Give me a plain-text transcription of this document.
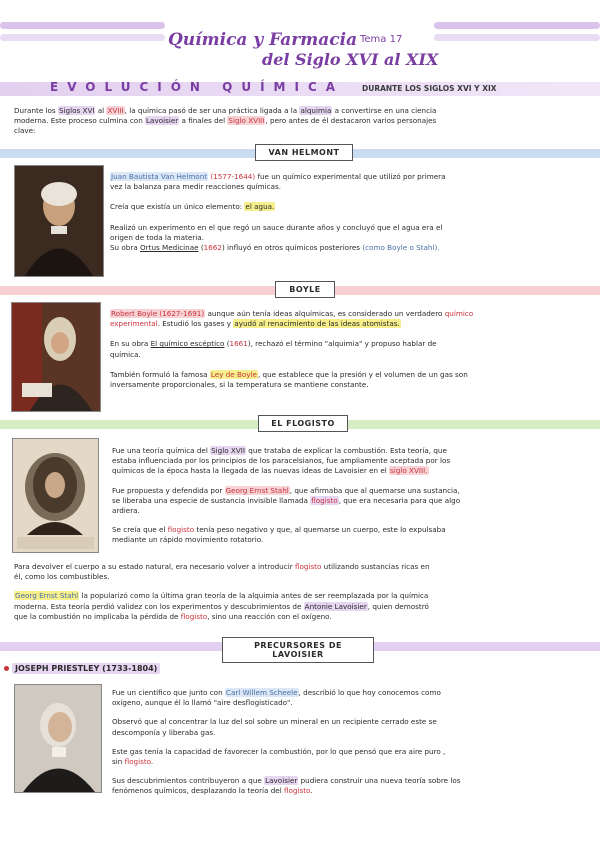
Química y Farmacia Tema 17
del Siglo XVI al XIX
EVOLUCIÓN QUÍMICA DURANTE LOS SIGLOS XVI Y XIX
Durante los Siglos XVI al XVIII, la química pasó de ser una práctica ligada a la alquimia a convertirse en una ciencia
moderna. Este proceso culmina con Lavoisier a finales del Siglo XVIII, pero antes de él destacaron varios personajes
clave:
VAN HELMONT
Juan Bautista Van Helmont (1577-1644) fue un químico experimental que utilizó por primera
vez la balanza para medir reacciones químicas.
Creía que existía un único elemento: el agua.
Realizó un experimento en el que regó un sauce durante años y concluyó que el agua era el
origen de toda la materia.
Su obra Ortus Medicinae (1662) influyó en otros químicos posteriores (como Boyle o Stahl).
BOYLE
Robert Boyle (1627-1691) aunque aún tenía ideas alquímicas, es considerado un verdadero químico
experimental. Estudió los gases y ayudó al renacimiento de las ideas atomistas.
En su obra El químico escéptico (1661), rechazó el término "alquimia" y propuso hablar de
química.
También formuló la famosa Ley de Boyle, que establece que la presión y el volumen de un gas son
inversamente proporcionales, si la temperatura se mantiene constante.
EL FLOGISTO
Fue una teoría química del Siglo XVII que trataba de explicar la combustión. Esta teoría, que
estaba influenciada por los principios de los paracelsianos, fue ampliamente aceptada por los
químicos de la época hasta la llegada de las nuevas ideas de Lavoisier en el siglo XVIII.
Fue propuesta y defendida por Georg Ernst Stahl, que afirmaba que al quemarse una sustancia,
se liberaba una especie de sustancia invisible llamada flogisto, que era necesaria para que algo
ardiera.
Se creía que el flogisto tenía peso negativo y que, al quemarse un cuerpo, este lo expulsaba
mediante un rápido movimiento rotatorio.
Para devolver el cuerpo a su estado natural, era necesario volver a introducir flogisto utilizando sustancias ricas en
él, como los combustibles.
Georg Ernst Stahl la popularizó como la última gran teoría de la alquimia antes de ser reemplazada por la química
moderna. Esta teoría perdió validez con los experimentos y descubrimientos de Antonie Lavoisier, quien demostró
que la combustión no implicaba la pérdida de flogisto, sino una reacción con el oxígeno.
PRECURSORES DE LAVOISIER
JOSEPH PRIESTLEY (1733-1804)
Fue un científico que junto con Carl Willem Scheele, describió lo que hoy conocemos como
oxígeno, aunque él lo llamó "aire desflogisticado".
Observó que al concentrar la luz del sol sobre un mineral en un recipiente cerrado este se
descomponía y liberaba gas.
Este gas tenía la capacidad de favorecer la combustión, por lo que pensó que era aire puro ,
sin flogisto.
Sus descubrimientos contribuyeron a que Lavoisier pudiera construir una nueva teoría sobre los
fenómenos químicos, desplazando la teoría del flogisto.
